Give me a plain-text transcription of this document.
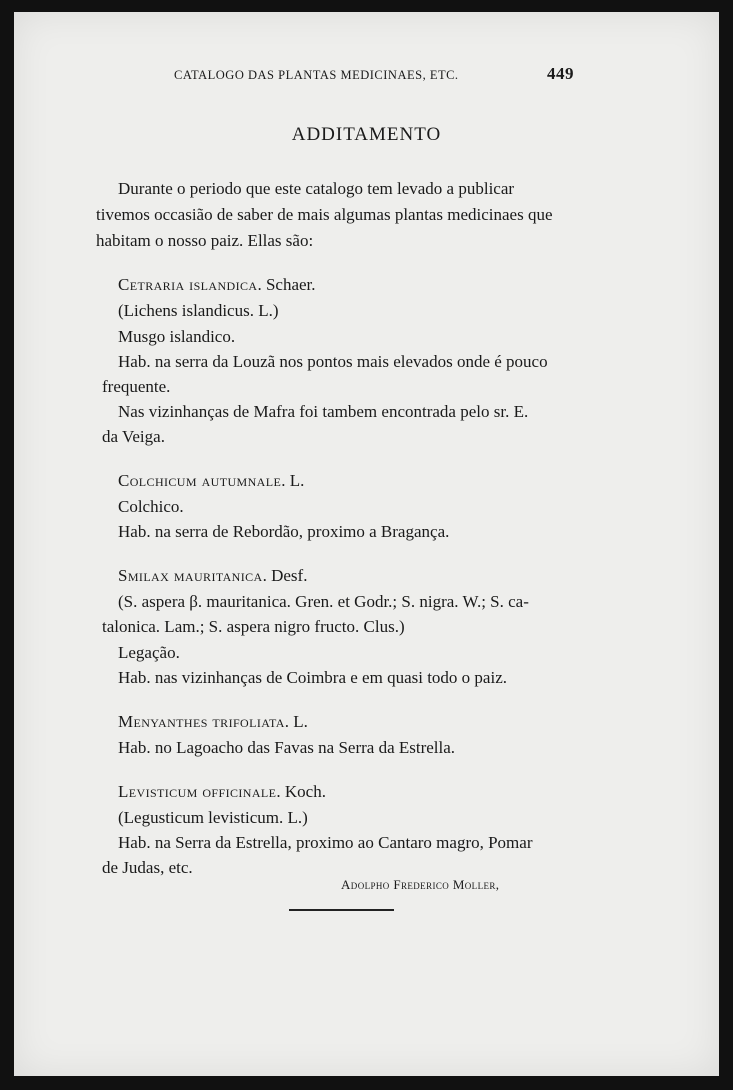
CATALOGO DAS PLANTAS MEDICINAES, ETC.	449
ADDITAMENTO
Durante o periodo que este catalogo tem levado a publicar
tivemos occasião de saber de mais algumas plantas medicinaes que
habitam o nosso paiz. Ellas são:
Cetraria islandica. Schaer.
(Lichens islandicus. L.)
Musgo islandico.
Hab. na serra da Louzã nos pontos mais elevados onde é pouco
frequente.
Nas vizinhanças de Mafra foi tambem encontrada pelo sr. E.
da Veiga.
Colchicum autumnale. L.
Colchico.
Hab. na serra de Rebordão, proximo a Bragança.
Smilax mauritanica. Desf.
(S. aspera β. mauritanica. Gren. et Godr.; S. nigra. W.; S. ca-
talonica. Lam.; S. aspera nigro fructo. Clus.)
Legação.
Hab. nas vizinhanças de Coimbra e em quasi todo o paiz.
Menyanthes trifoliata. L.
Hab. no Lagoacho das Favas na Serra da Estrella.
Levisticum officinale. Koch.
(Legusticum levisticum. L.)
Hab. na Serra da Estrella, proximo ao Cantaro magro, Pomar
de Judas, etc.
Adolpho Frederico Moller,
